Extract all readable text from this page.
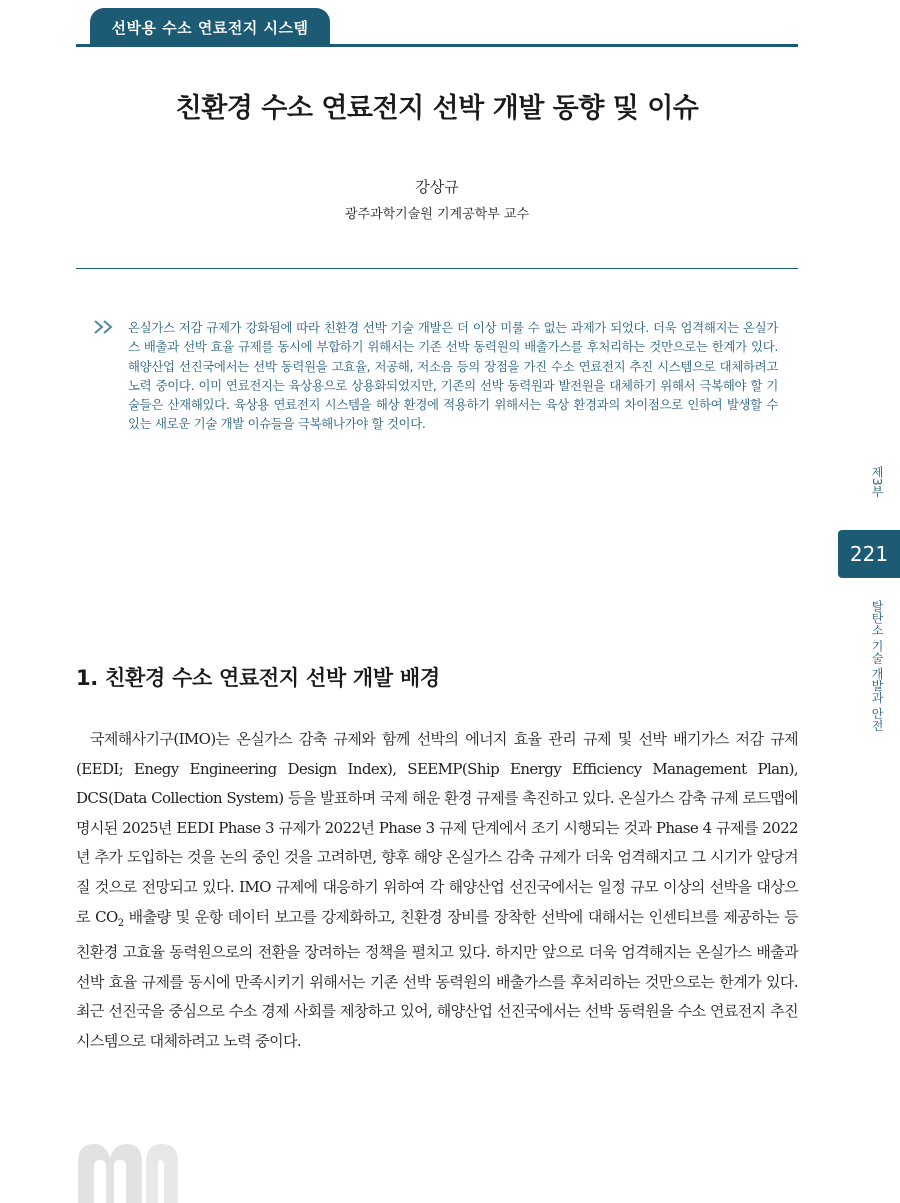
선박용 수소 연료전지 시스템
친환경 수소 연료전지 선박 개발 동향 및 이슈
강상규
광주과학기술원 기계공학부 교수

온실가스 저감 규제가 강화됨에 따라 친환경 선박 기술 개발은 더 이상 미룰 수 없는 과제가 되었다. 더욱 엄격해지는 온실가스 배출과 선박 효율 규제를 동시에 부합하기 위해서는 기존 선박 동력원의 배출가스를 후처리하는 것만으로는 한계가 있다. 해양산업 선진국에서는 선박 동력원을 고효율, 저공해, 저소음 등의 장점을 가진 수소 연료전지 추진 시스템으로 대체하려고 노력 중이다. 이미 연료전지는 육상용으로 상용화되었지만, 기존의 선박 동력원과 발전원을 대체하기 위해서 극복해야 할 기술들은 산재해있다. 육상용 연료전지 시스템을 해상 환경에 적용하기 위해서는 육상 환경과의 차이점으로 인하여 발생할 수 있는 새로운 기술 개발 이슈들을 극복해나가야 할 것이다.

제3부
221
탈탄소 기술 개발과 안전
1. 친환경 수소 연료전지 선박 개발 배경

국제해사기구(IMO)는 온실가스 감축 규제와 함께 선박의 에너지 효율 관리 규제 및 선박 배기가스 저감 규제(EEDI; Enegy Engineering Design Index), SEEMP(Ship Energy Efficiency Management Plan), DCS(Data Collection System) 등을 발표하며 국제 해운 환경 규제를 촉진하고 있다. 온실가스 감축 규제 로드맵에 명시된 2025년 EEDI Phase 3 규제가 2022년 Phase 3 규제 단계에서 조기 시행되는 것과 Phase 4 규제를 2022년 추가 도입하는 것을 논의 중인 것을 고려하면, 향후 해양 온실가스 감축 규제가 더욱 엄격해지고 그 시기가 앞당겨질 것으로 전망되고 있다. IMO 규제에 대응하기 위하여 각 해양산업 선진국에서는 일정 규모 이상의 선박을 대상으로 $CO_2$ 배출량 및 운항 데이터 보고를 강제화하고, 친환경 장비를 장착한 선박에 대해서는 인센티브를 제공하는 등 친환경 고효율 동력원으로의 전환을 장려하는 정책을 펼치고 있다. 하지만 앞으로 더욱 엄격해지는 온실가스 배출과 선박 효율 규제를 동시에 만족시키기 위해서는 기존 선박 동력원의 배출가스를 후처리하는 것만으로는 한계가 있다. 최근 선진국을 중심으로 수소 경제 사회를 제창하고 있어, 해양산업 선진국에서는 선박 동력원을 수소 연료전지 추진 시스템으로 대체하려고 노력 중이다.
